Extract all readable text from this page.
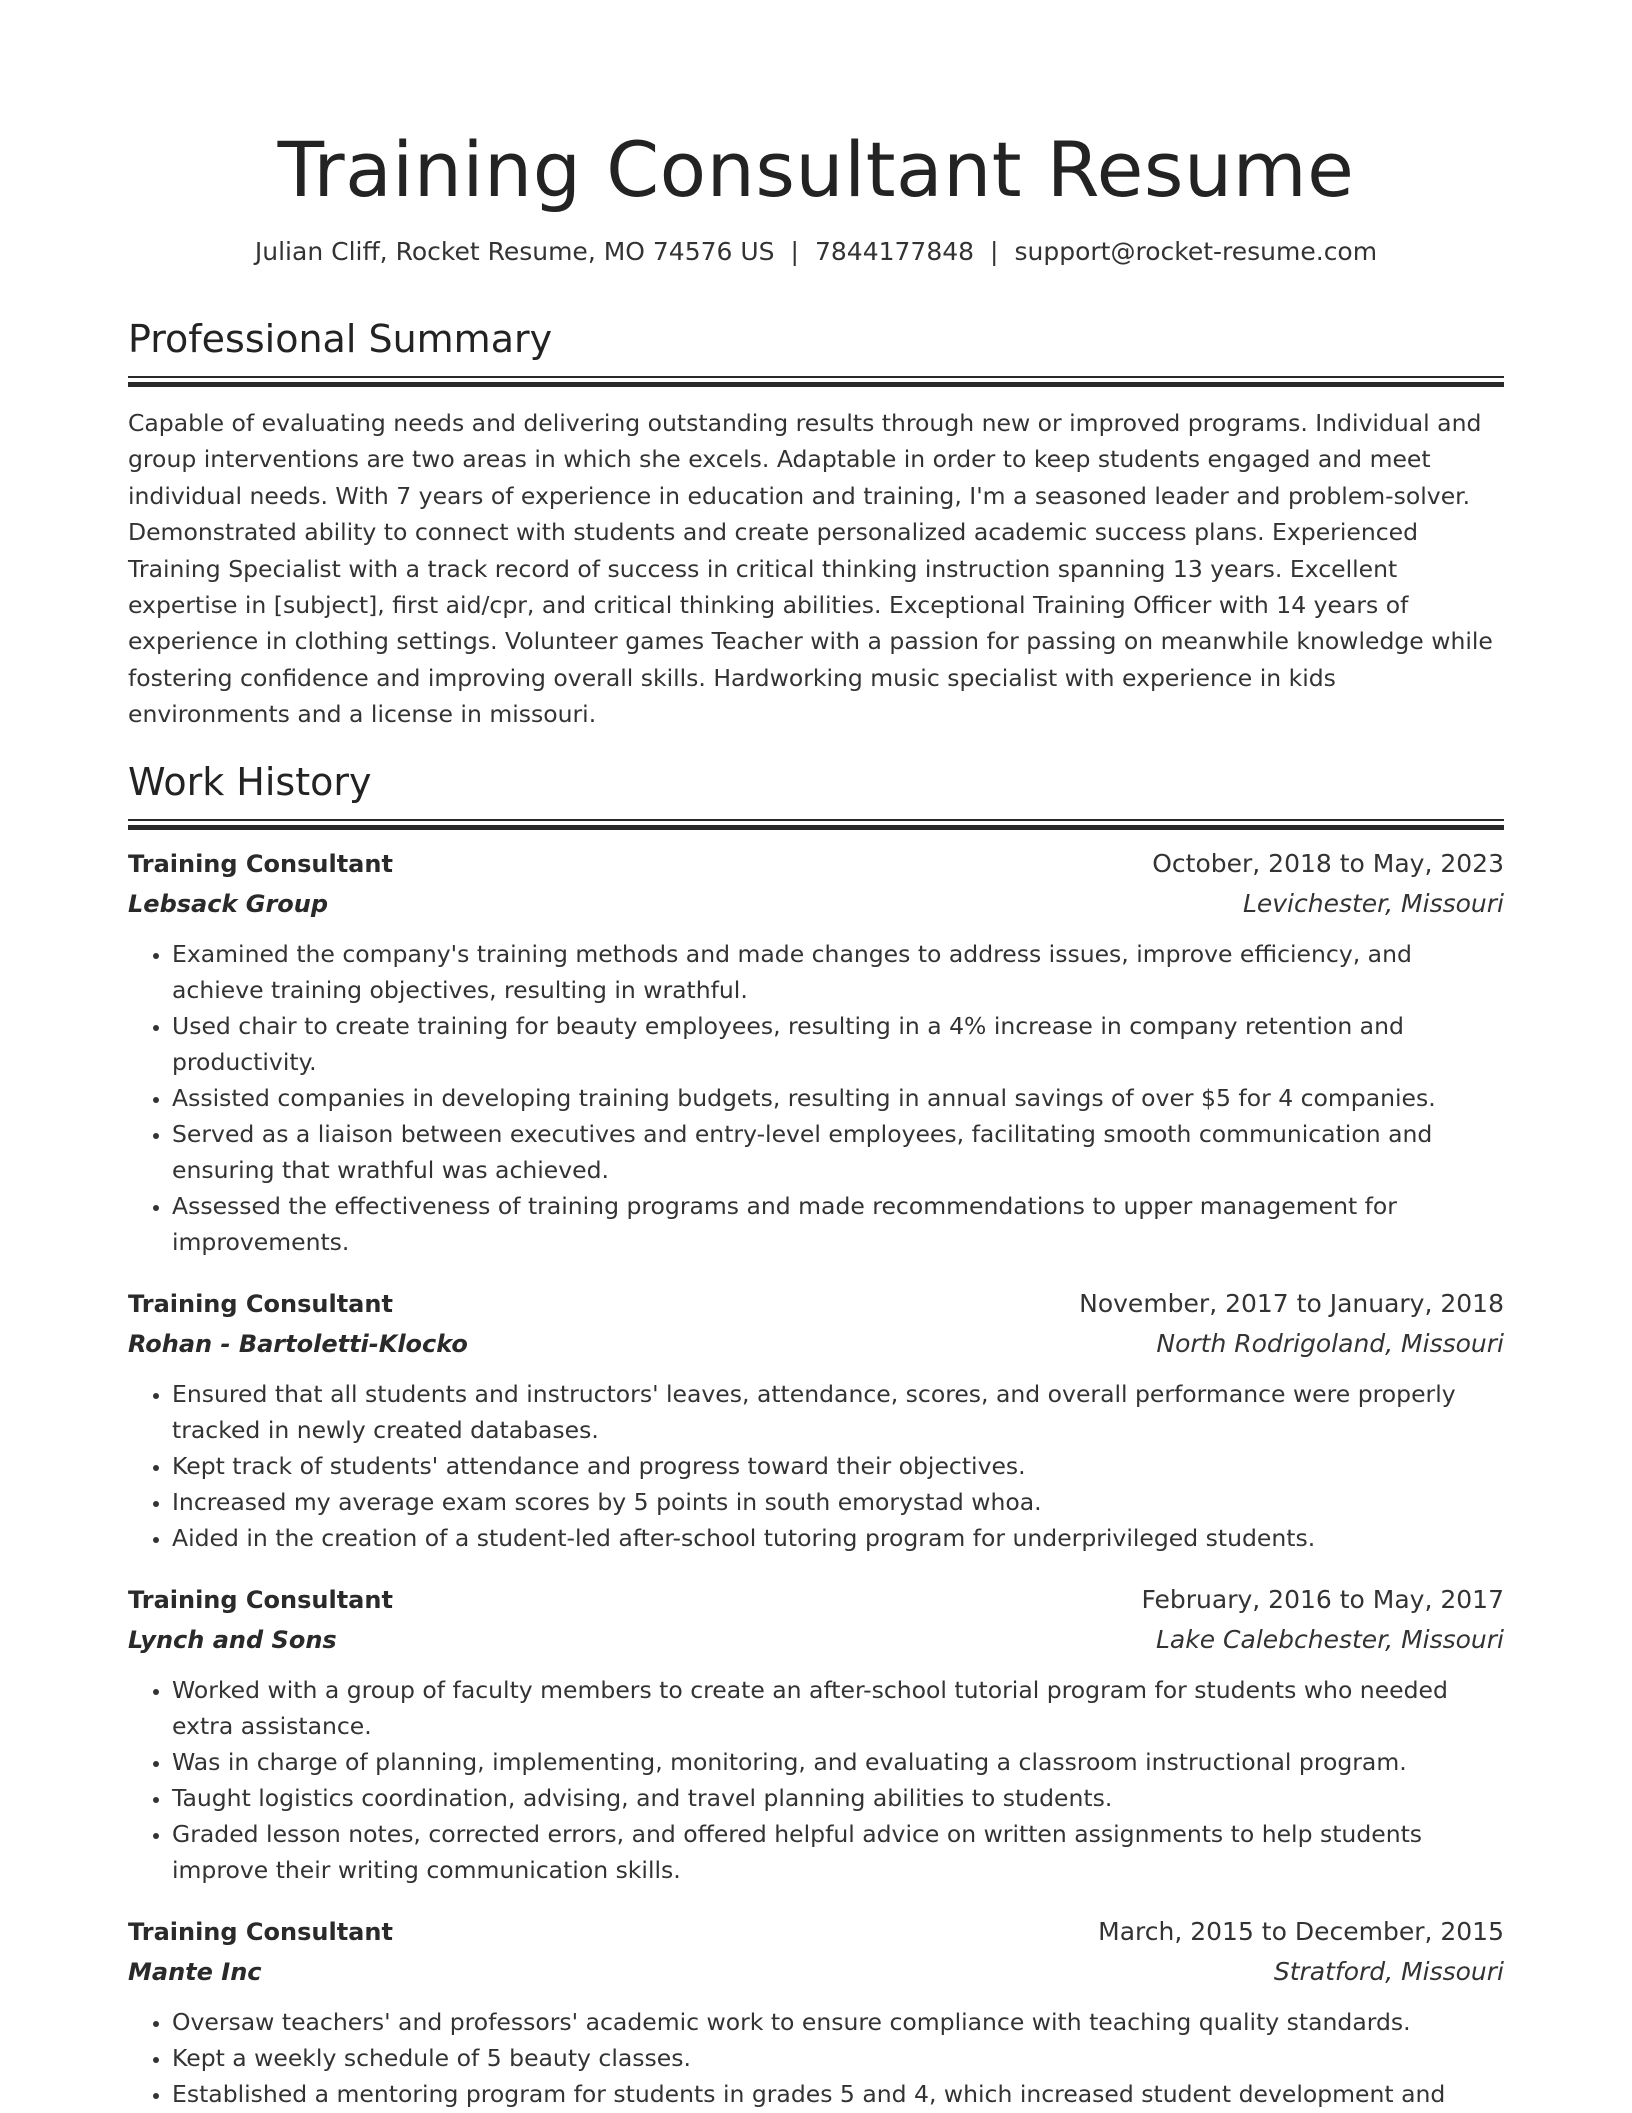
Training Consultant Resume
Julian Cliff, Rocket Resume, MO 74576 US | 7844177848 | support@rocket-resume.com
Professional Summary

Capable of evaluating needs and delivering outstanding results through new or improved programs. Individual and group interventions are two areas in which she excels. Adaptable in order to keep students engaged and meet individual needs. With 7 years of experience in education and training, I'm a seasoned leader and problem-solver. Demonstrated ability to connect with students and create personalized academic success plans. Experienced Training Specialist with a track record of success in critical thinking instruction spanning 13 years. Excellent expertise in [subject], first aid/cpr, and critical thinking abilities. Exceptional Training Officer with 14 years of experience in clothing settings. Volunteer games Teacher with a passion for passing on meanwhile knowledge while fostering confidence and improving overall skills. Hardworking music specialist with experience in kids environments and a license in missouri.

Work History
Training Consultant	October, 2018 to May, 2023
Lebsack Group	Levichester, Missouri
• Examined the company's training methods and made changes to address issues, improve efficiency, and achieve training objectives, resulting in wrathful.
• Used chair to create training for beauty employees, resulting in a 4% increase in company retention and productivity.
• Assisted companies in developing training budgets, resulting in annual savings of over $5 for 4 companies.
• Served as a liaison between executives and entry-level employees, facilitating smooth communication and ensuring that wrathful was achieved.
• Assessed the effectiveness of training programs and made recommendations to upper management for improvements.
Training Consultant	November, 2017 to January, 2018
Rohan - Bartoletti-Klocko	North Rodrigoland, Missouri
• Ensured that all students and instructors' leaves, attendance, scores, and overall performance were properly tracked in newly created databases.
• Kept track of students' attendance and progress toward their objectives.
• Increased my average exam scores by 5 points in south emorystad whoa.
• Aided in the creation of a student-led after-school tutoring program for underprivileged students.
Training Consultant	February, 2016 to May, 2017
Lynch and Sons	Lake Calebchester, Missouri
• Worked with a group of faculty members to create an after-school tutorial program for students who needed extra assistance.
• Was in charge of planning, implementing, monitoring, and evaluating a classroom instructional program.
• Taught logistics coordination, advising, and travel planning abilities to students.
• Graded lesson notes, corrected errors, and offered helpful advice on written assignments to help students improve their writing communication skills.
Training Consultant	March, 2015 to December, 2015
Mante Inc	Stratford, Missouri
• Oversaw teachers' and professors' academic work to ensure compliance with teaching quality standards.
• Kept a weekly schedule of 5 beauty classes.
• Established a mentoring program for students in grades 5 and 4, which increased student development and
